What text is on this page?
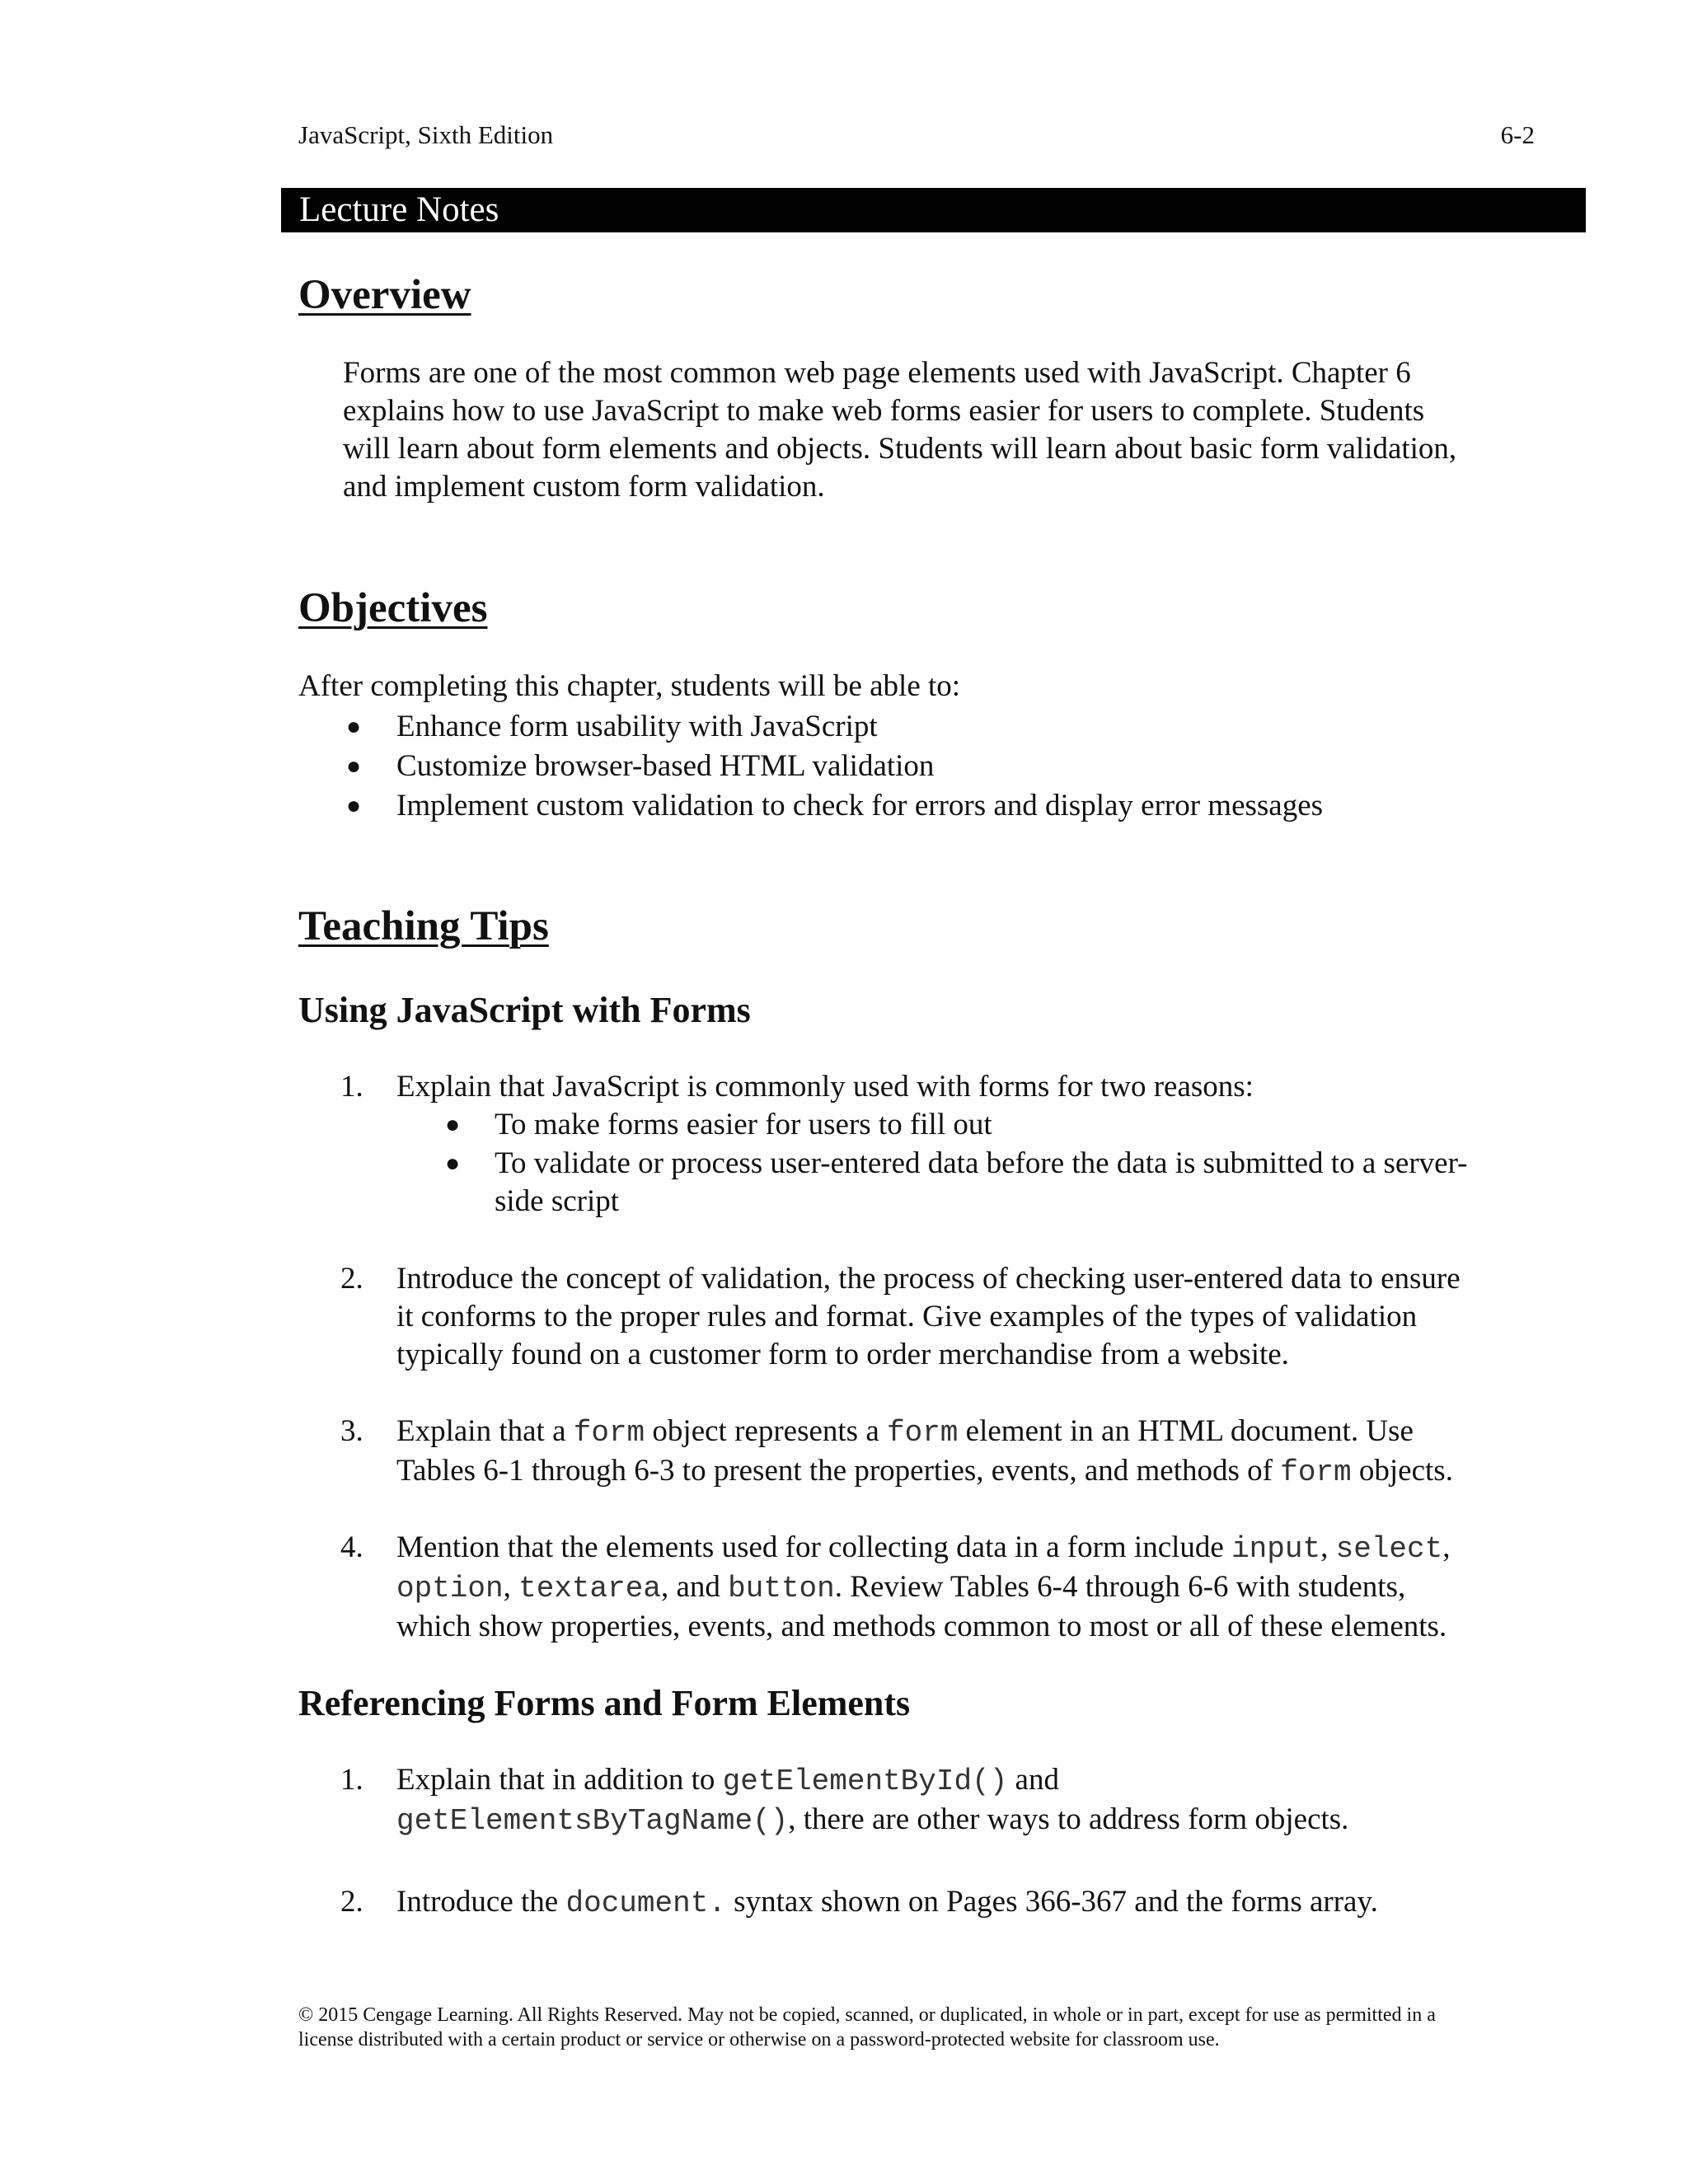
JavaScript, Sixth Edition	6-2
Lecture Notes
Overview
Forms are one of the most common web page elements used with JavaScript. Chapter 6
explains how to use JavaScript to make web forms easier for users to complete. Students
will learn about form elements and objects. Students will learn about basic form validation,
and implement custom form validation.
Objectives
After completing this chapter, students will be able to:
● Enhance form usability with JavaScript
● Customize browser-based HTML validation
● Implement custom validation to check for errors and display error messages
Teaching Tips
Using JavaScript with Forms
1. Explain that JavaScript is commonly used with forms for two reasons:
● To make forms easier for users to fill out
● To validate or process user-entered data before the data is submitted to a server-
side script
2. Introduce the concept of validation, the process of checking user-entered data to ensure
it conforms to the proper rules and format. Give examples of the types of validation
typically found on a customer form to order merchandise from a website.
3. Explain that a form object represents a form element in an HTML document. Use
Tables 6-1 through 6-3 to present the properties, events, and methods of form objects.
4. Mention that the elements used for collecting data in a form include input, select,
option, textarea, and button. Review Tables 6-4 through 6-6 with students,
which show properties, events, and methods common to most or all of these elements.
Referencing Forms and Form Elements
1. Explain that in addition to getElementById() and
getElementsByTagName(), there are other ways to address form objects.
2. Introduce the document. syntax shown on Pages 366-367 and the forms array.
© 2015 Cengage Learning. All Rights Reserved. May not be copied, scanned, or duplicated, in whole or in part, except for use as permitted in a
license distributed with a certain product or service or otherwise on a password-protected website for classroom use.
